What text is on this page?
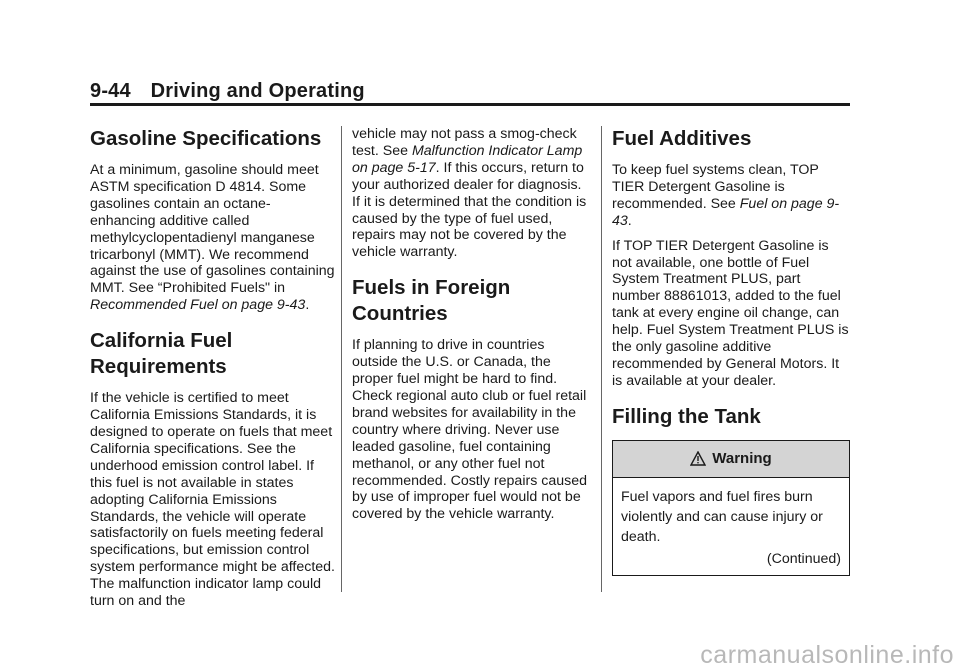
9-44 Driving and Operating
Gasoline Specifications

At a minimum, gasoline should meet ASTM specification D 4814. Some gasolines contain an octane-enhancing additive called methylcyclopentadienyl manganese tricarbonyl (MMT). We recommend against the use of gasolines containing MMT. See “Prohibited Fuels" in Recommended Fuel on page 9-43.

California Fuel Requirements

If the vehicle is certified to meet California Emissions Standards, it is designed to operate on fuels that meet California specifications. See the underhood emission control label. If this fuel is not available in states adopting California Emissions Standards, the vehicle will operate satisfactorily on fuels meeting federal specifications, but emission control system performance might be affected. The malfunction indicator lamp could turn on and the

vehicle may not pass a smog-check test. See Malfunction Indicator Lamp on page 5-17. If this occurs, return to your authorized dealer for diagnosis. If it is determined that the condition is caused by the type of fuel used, repairs may not be covered by the vehicle warranty.

Fuels in Foreign Countries

If planning to drive in countries outside the U.S. or Canada, the proper fuel might be hard to find. Check regional auto club or fuel retail brand websites for availability in the country where driving. Never use leaded gasoline, fuel containing methanol, or any other fuel not recommended. Costly repairs caused by use of improper fuel would not be covered by the vehicle warranty.

Fuel Additives

To keep fuel systems clean, TOP TIER Detergent Gasoline is recommended. See Fuel on page 9-43.

If TOP TIER Detergent Gasoline is not available, one bottle of Fuel System Treatment PLUS, part number 88861013, added to the fuel tank at every engine oil change, can help. Fuel System Treatment PLUS is the only gasoline additive recommended by General Motors. It is available at your dealer.

Filling the Tank
Warning
Fuel vapors and fuel fires burn violently and can cause injury or death.
(Continued)
carmanualsonline.info
